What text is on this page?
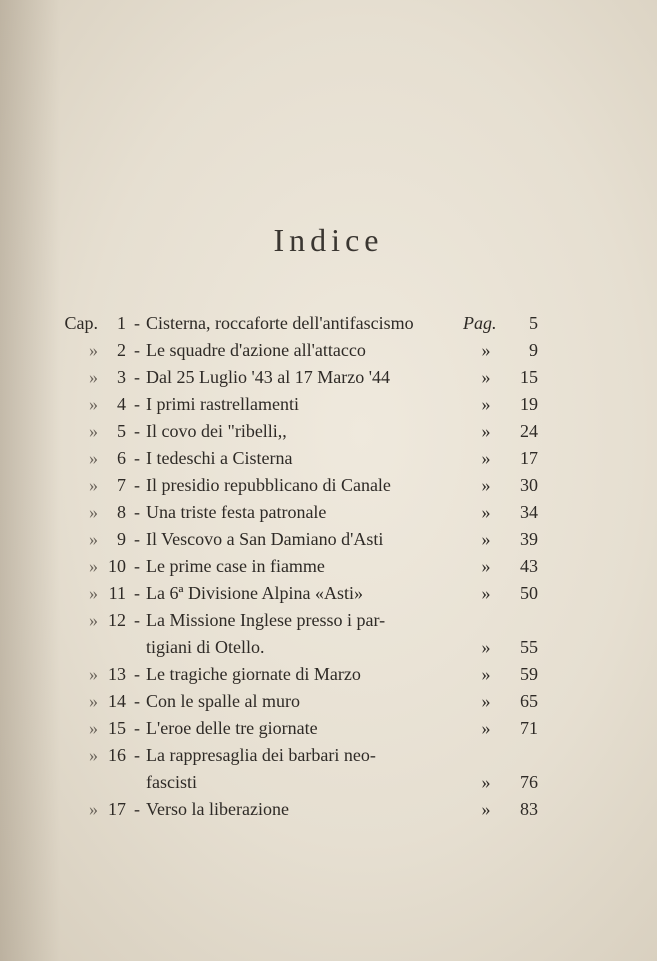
Indice
Cap.	1 - Cisterna, roccaforte dell'antifascismo	Pag.	5
»	2 - Le squadre d'azione all'attacco	»	9
»	3 - Dal 25 Luglio '43 al 17 Marzo '44	»	15
»	4 - I primi rastrellamenti	»	19
»	5 - Il covo dei "ribelli,,	»	24
»	6 - I tedeschi a Cisterna	»	17
»	7 - Il presidio repubblicano di Canale	»	30
»	8 - Una triste festa patronale	»	34
»	9 - Il Vescovo a San Damiano d'Asti	»	39
» 10 - Le prime case in fiamme	»	43
» 11 - La 6ª Divisione Alpina «Asti»	»	50
» 12 - La Missione Inglese presso i par-
tigiani di Otello.	»	55
» 13 - Le tragiche giornate di Marzo	»	59
» 14 - Con le spalle al muro	»	65
» 15 - L'eroe delle tre giornate	»	71
» 16 - La rappresaglia dei barbari neo-
fascisti	»	76
» 17 - Verso la liberazione	»	83
